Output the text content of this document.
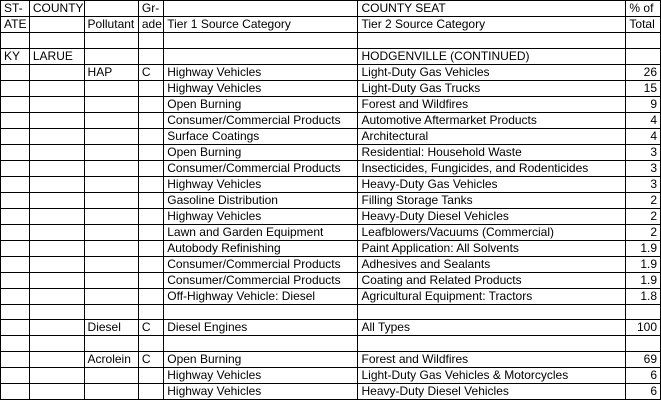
ST-	COUNTY		Gr-		COUNTY SEAT	% of
ATE		Pollutant	ade	Tier 1 Source Category	Tier 2 Source Category	Total

KY	LARUE				HODGENVILLE (CONTINUED)	
		HAP	C	Highway Vehicles	Light-Duty Gas Vehicles	26
				Highway Vehicles	Light-Duty Gas Trucks	15
				Open Burning	Forest and Wildfires	9
				Consumer/Commercial Products	Automotive Aftermarket Products	4
				Surface Coatings	Architectural	4
				Open Burning	Residential: Household Waste	3
				Consumer/Commercial Products	Insecticides, Fungicides, and Rodenticides	3
				Highway Vehicles	Heavy-Duty Gas Vehicles	3
				Gasoline Distribution	Filling Storage Tanks	2
				Highway Vehicles	Heavy-Duty Diesel Vehicles	2
				Lawn and Garden Equipment	Leafblowers/Vacuums (Commercial)	2
				Autobody Refinishing	Paint Application: All Solvents	1.9
				Consumer/Commercial Products	Adhesives and Sealants	1.9
				Consumer/Commercial Products	Coating and Related Products	1.9
				Off-Highway Vehicle: Diesel	Agricultural Equipment: Tractors	1.8

		Diesel	C	Diesel Engines	All Types	100

		Acrolein	C	Open Burning	Forest and Wildfires	69
				Highway Vehicles	Light-Duty Gas Vehicles & Motorcycles	6
				Highway Vehicles	Heavy-Duty Diesel Vehicles	6
